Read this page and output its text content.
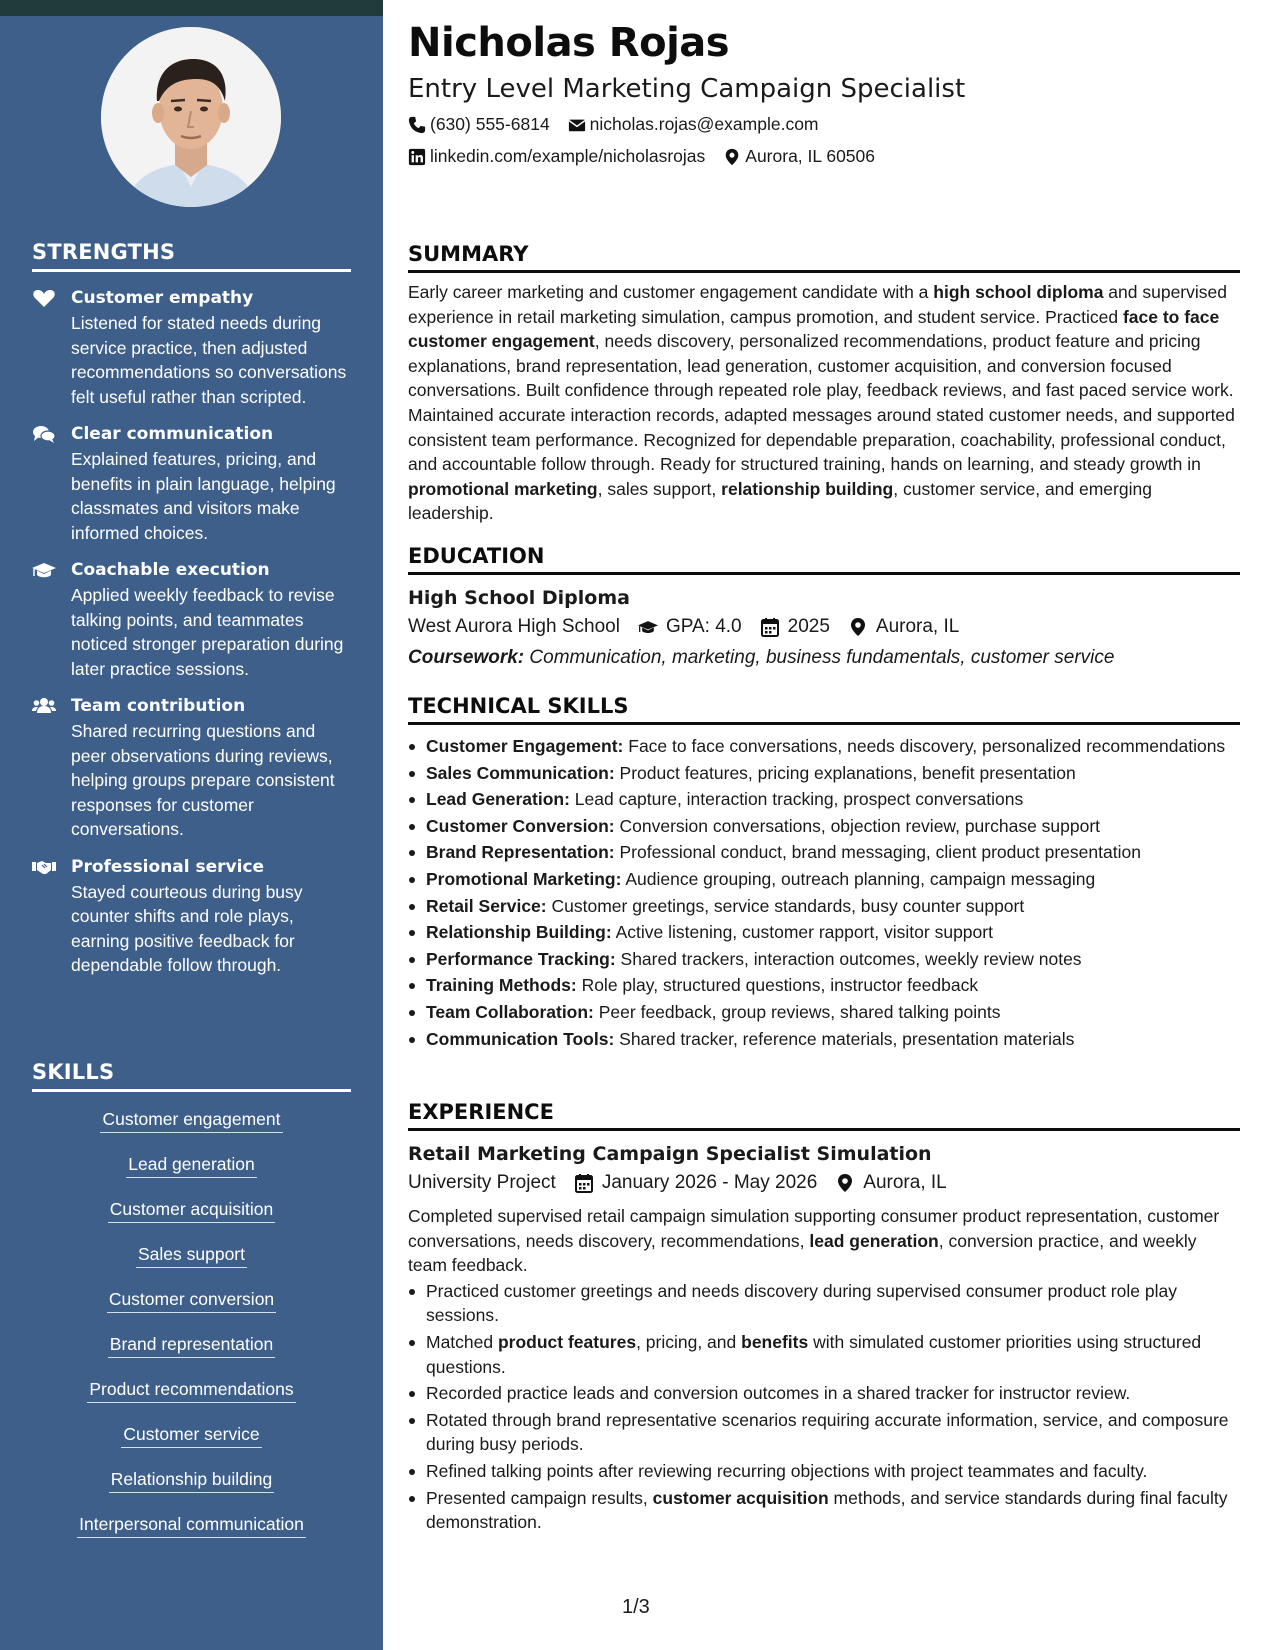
STRENGTHS
Customer empathy
Listened for stated needs during service practice, then adjusted recommendations so conversations felt useful rather than scripted.
Clear communication
Explained features, pricing, and benefits in plain language, helping classmates and visitors make informed choices.
Coachable execution
Applied weekly feedback to revise talking points, and teammates noticed stronger preparation during later practice sessions.
Team contribution
Shared recurring questions and peer observations during reviews, helping groups prepare consistent responses for customer conversations.
Professional service
Stayed courteous during busy counter shifts and role plays, earning positive feedback for dependable follow through.
SKILLS
Customer engagement
Lead generation
Customer acquisition
Sales support
Customer conversion
Brand representation
Product recommendations
Customer service
Relationship building
Interpersonal communication
Nicholas Rojas
Entry Level Marketing Campaign Specialist
(630) 555-6814 nicholas.rojas@example.com
linkedin.com/example/nicholasrojas Aurora, IL 60506
SUMMARY

Early career marketing and customer engagement candidate with a high school diploma and supervised experience in retail marketing simulation, campus promotion, and student service. Practiced face to face customer engagement, needs discovery, personalized recommendations, product feature and pricing explanations, brand representation, lead generation, customer acquisition, and conversion focused conversations. Built confidence through repeated role play, feedback reviews, and fast paced service work. Maintained accurate interaction records, adapted messages around stated customer needs, and supported consistent team performance. Recognized for dependable preparation, coachability, professional conduct, and accountable follow through. Ready for structured training, hands on learning, and steady growth in promotional marketing, sales support, relationship building, customer service, and emerging leadership.

EDUCATION
High School Diploma
West Aurora High School GPA: 4.0 2025 Aurora, IL
Coursework: Communication, marketing, business fundamentals, customer service
TECHNICAL SKILLS
Customer Engagement: Face to face conversations, needs discovery, personalized recommendations
Sales Communication: Product features, pricing explanations, benefit presentation
Lead Generation: Lead capture, interaction tracking, prospect conversations
Customer Conversion: Conversion conversations, objection review, purchase support
Brand Representation: Professional conduct, brand messaging, client product presentation
Promotional Marketing: Audience grouping, outreach planning, campaign messaging
Retail Service: Customer greetings, service standards, busy counter support
Relationship Building: Active listening, customer rapport, visitor support
Performance Tracking: Shared trackers, interaction outcomes, weekly review notes
Training Methods: Role play, structured questions, instructor feedback
Team Collaboration: Peer feedback, group reviews, shared talking points
Communication Tools: Shared tracker, reference materials, presentation materials
EXPERIENCE
Retail Marketing Campaign Specialist Simulation
University Project January 2026 - May 2026 Aurora, IL

Completed supervised retail campaign simulation supporting consumer product representation, customer conversations, needs discovery, recommendations, lead generation, conversion practice, and weekly team feedback.

Practiced customer greetings and needs discovery during supervised consumer product role play sessions.
Matched product features, pricing, and benefits with simulated customer priorities using structured questions.
Recorded practice leads and conversion outcomes in a shared tracker for instructor review.
Rotated through brand representative scenarios requiring accurate information, service, and composure during busy periods.
Refined talking points after reviewing recurring objections with project teammates and faculty.
Presented campaign results, customer acquisition methods, and service standards during final faculty demonstration.
1/3
